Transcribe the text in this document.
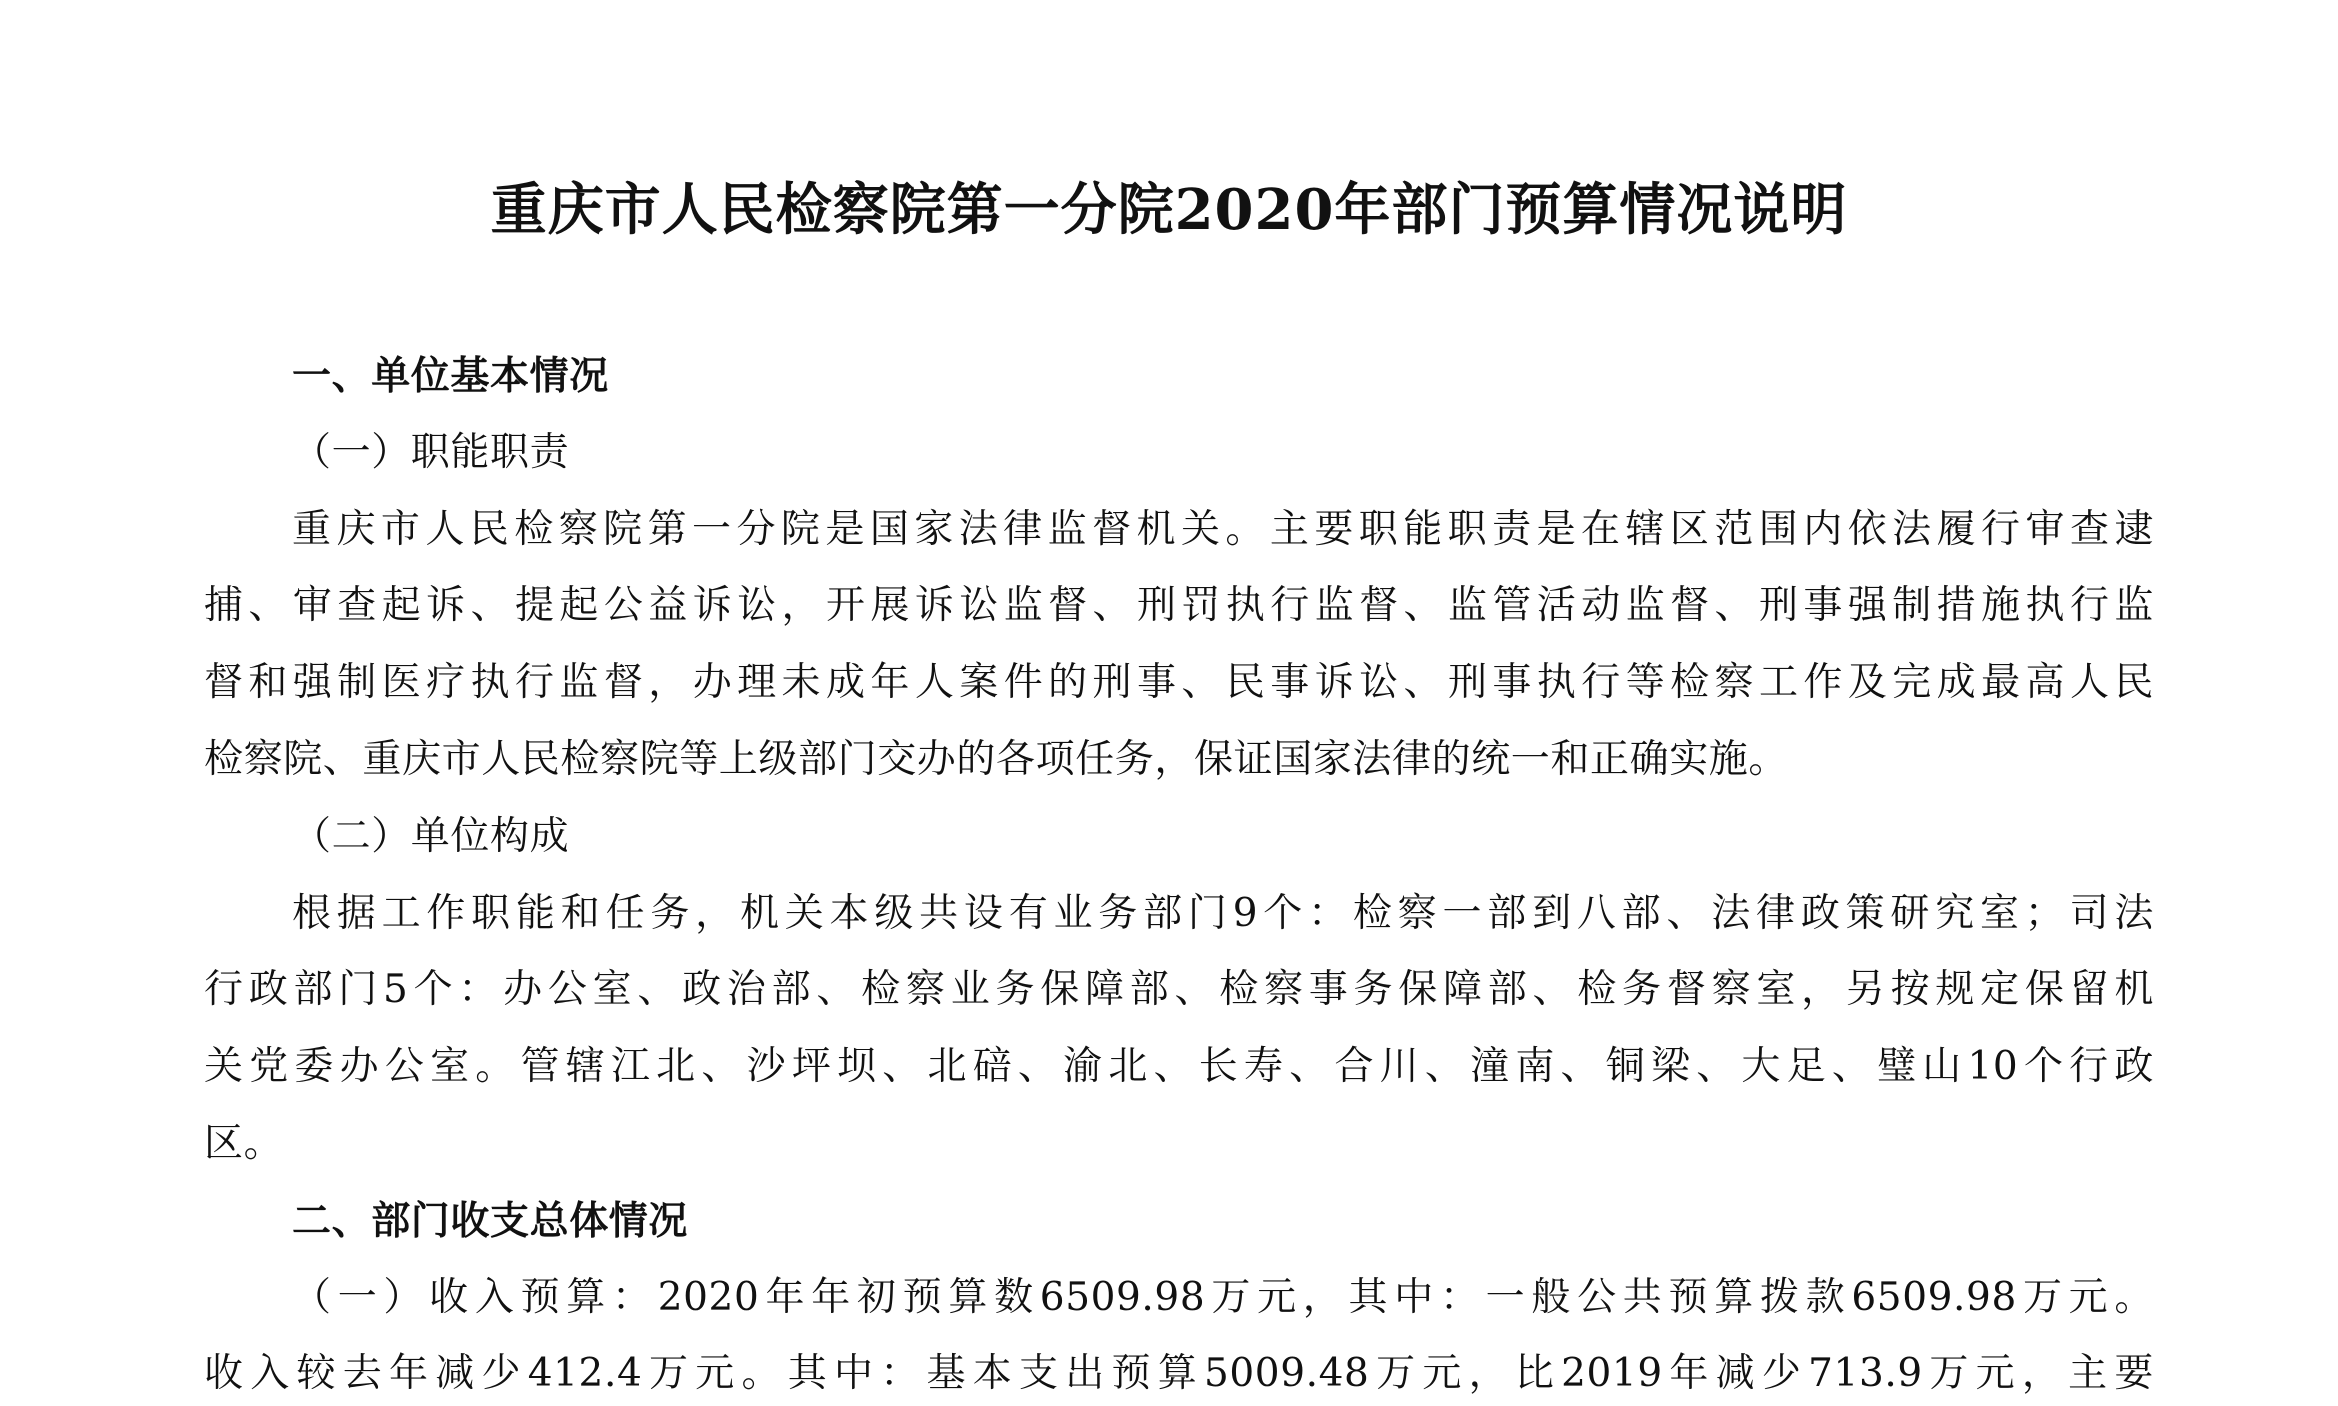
重庆市人民检察院第一分院2020年部门预算情况说明
一、单位基本情况
（一）职能职责
重庆市人民检察院第一分院是国家法律监督机关。主要职能职责是在辖区范围内依法履行审查逮
捕、审查起诉、提起公益诉讼，开展诉讼监督、刑罚执行监督、监管活动监督、刑事强制措施执行监
督和强制医疗执行监督，办理未成年人案件的刑事、民事诉讼、刑事执行等检察工作及完成最高人民
检察院、重庆市人民检察院等上级部门交办的各项任务，保证国家法律的统一和正确实施。
（二）单位构成
根据工作职能和任务，机关本级共设有业务部门9个：检察一部到八部、法律政策研究室；司法
行政部门5个：办公室、政治部、检察业务保障部、检察事务保障部、检务督察室，另按规定保留机
关党委办公室。管辖江北、沙坪坝、北碚、渝北、长寿、合川、潼南、铜梁、大足、璧山10个行政
区。
二、部门收支总体情况
（一）收入预算：2020年年初预算数6509.98万元，其中：一般公共预算拨款6509.98万元。
收入较去年减少412.4万元。其中：基本支出预算5009.48万元，比2019年减少713.9万元，主要
